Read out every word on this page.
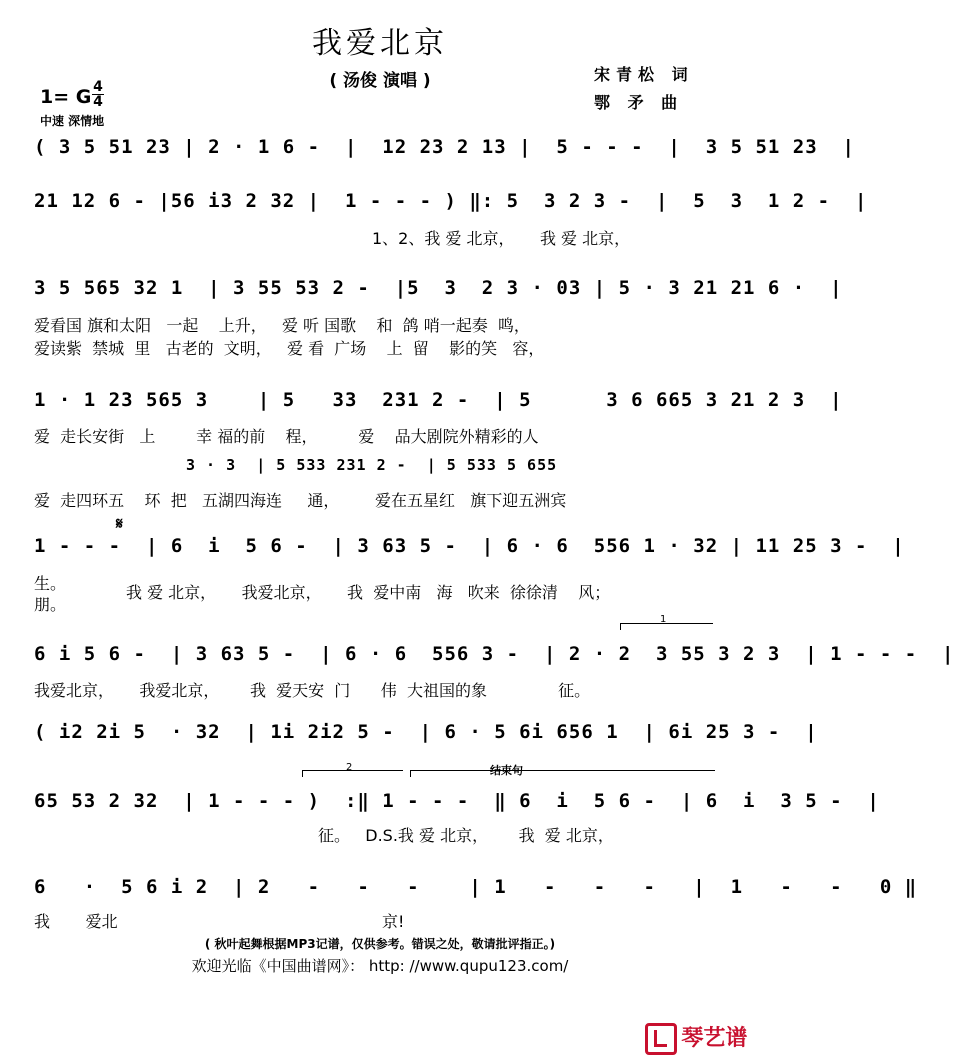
我爱北京
( 汤俊 演唱 )	宋青松 词
鄂 矛 曲
1= G 4
4
中速 深情地
( 3 5 51 23 | 2 · 1 6 -  |  12 23 2 13 |  5 - - -  |  3 5 51 23  |
21 12 6 - |56 i3 2 32 |  1 - - - ) ‖: 5  3 2 3 -  |  5  3  1 2 -  |
1、2、我 爱 北京，     我 爱 北京，
3 5 565 32 1  | 3 55 53 2 -  |5  3  2 3 · 03 | 5 · 3 21 21 6 ·  |
爱看国 旗和太阳   一起    上升，   爱 听 国歌    和  鸽 哨一起奏  鸣，
爱读紫  禁城  里   古老的  文明，   爱 看  广场    上  留    影的笑   容，
1 · 1 23 565 3    | 5   33  231 2 -  | 5      3 6 665 3 21 2 3  |
爱  走长安街   上        幸 福的前    程，        爱    品大剧院外精彩的人
3 · 3  | 5 533 231 2 -  | 5 533 5 655
爱  走四环五    环  把   五湖四海连     通，       爱在五星红   旗下迎五洲宾
𝄋
1 - - -  | 6  i  5 6 -  | 3 63 5 -  | 6 · 6  556 1 · 32 | 11 25 3 -  |
生。
朋。
我 爱 北京，     我爱北京，     我  爱中南   海   吹来  徐徐清    风；
1
6 i 5 6 -  | 3 63 5 -  | 6 · 6  556 3 -  | 2 · 2  3 55 3 2 3  | 1 - - -  |
我爱北京，     我爱北京，      我  爱天安  门      伟  大祖国的象              征。
( i2 2i 5  · 32  | 1i 2i2 5 -  | 6 · 5 6i 656 1  | 6i 25 3 -  |
2	结束句
65 53 2 32  | 1 - - - )  :‖ 1 - - -  ‖ 6  i  5 6 -  | 6  i  3 5 -  |
征。   D.S.我 爱 北京，      我  爱 北京，
6   ·  5 6 i 2  | 2   -   -   -    | 1   -   -   -   |  1   -   -   0 ‖
我       爱北	京!
( 秋叶起舞根据MP3记谱，仅供参考。错误之处，敬请批评指正。)
欢迎光临《中国曲谱网》： http: //www.qupu123.com/

琴艺谱
